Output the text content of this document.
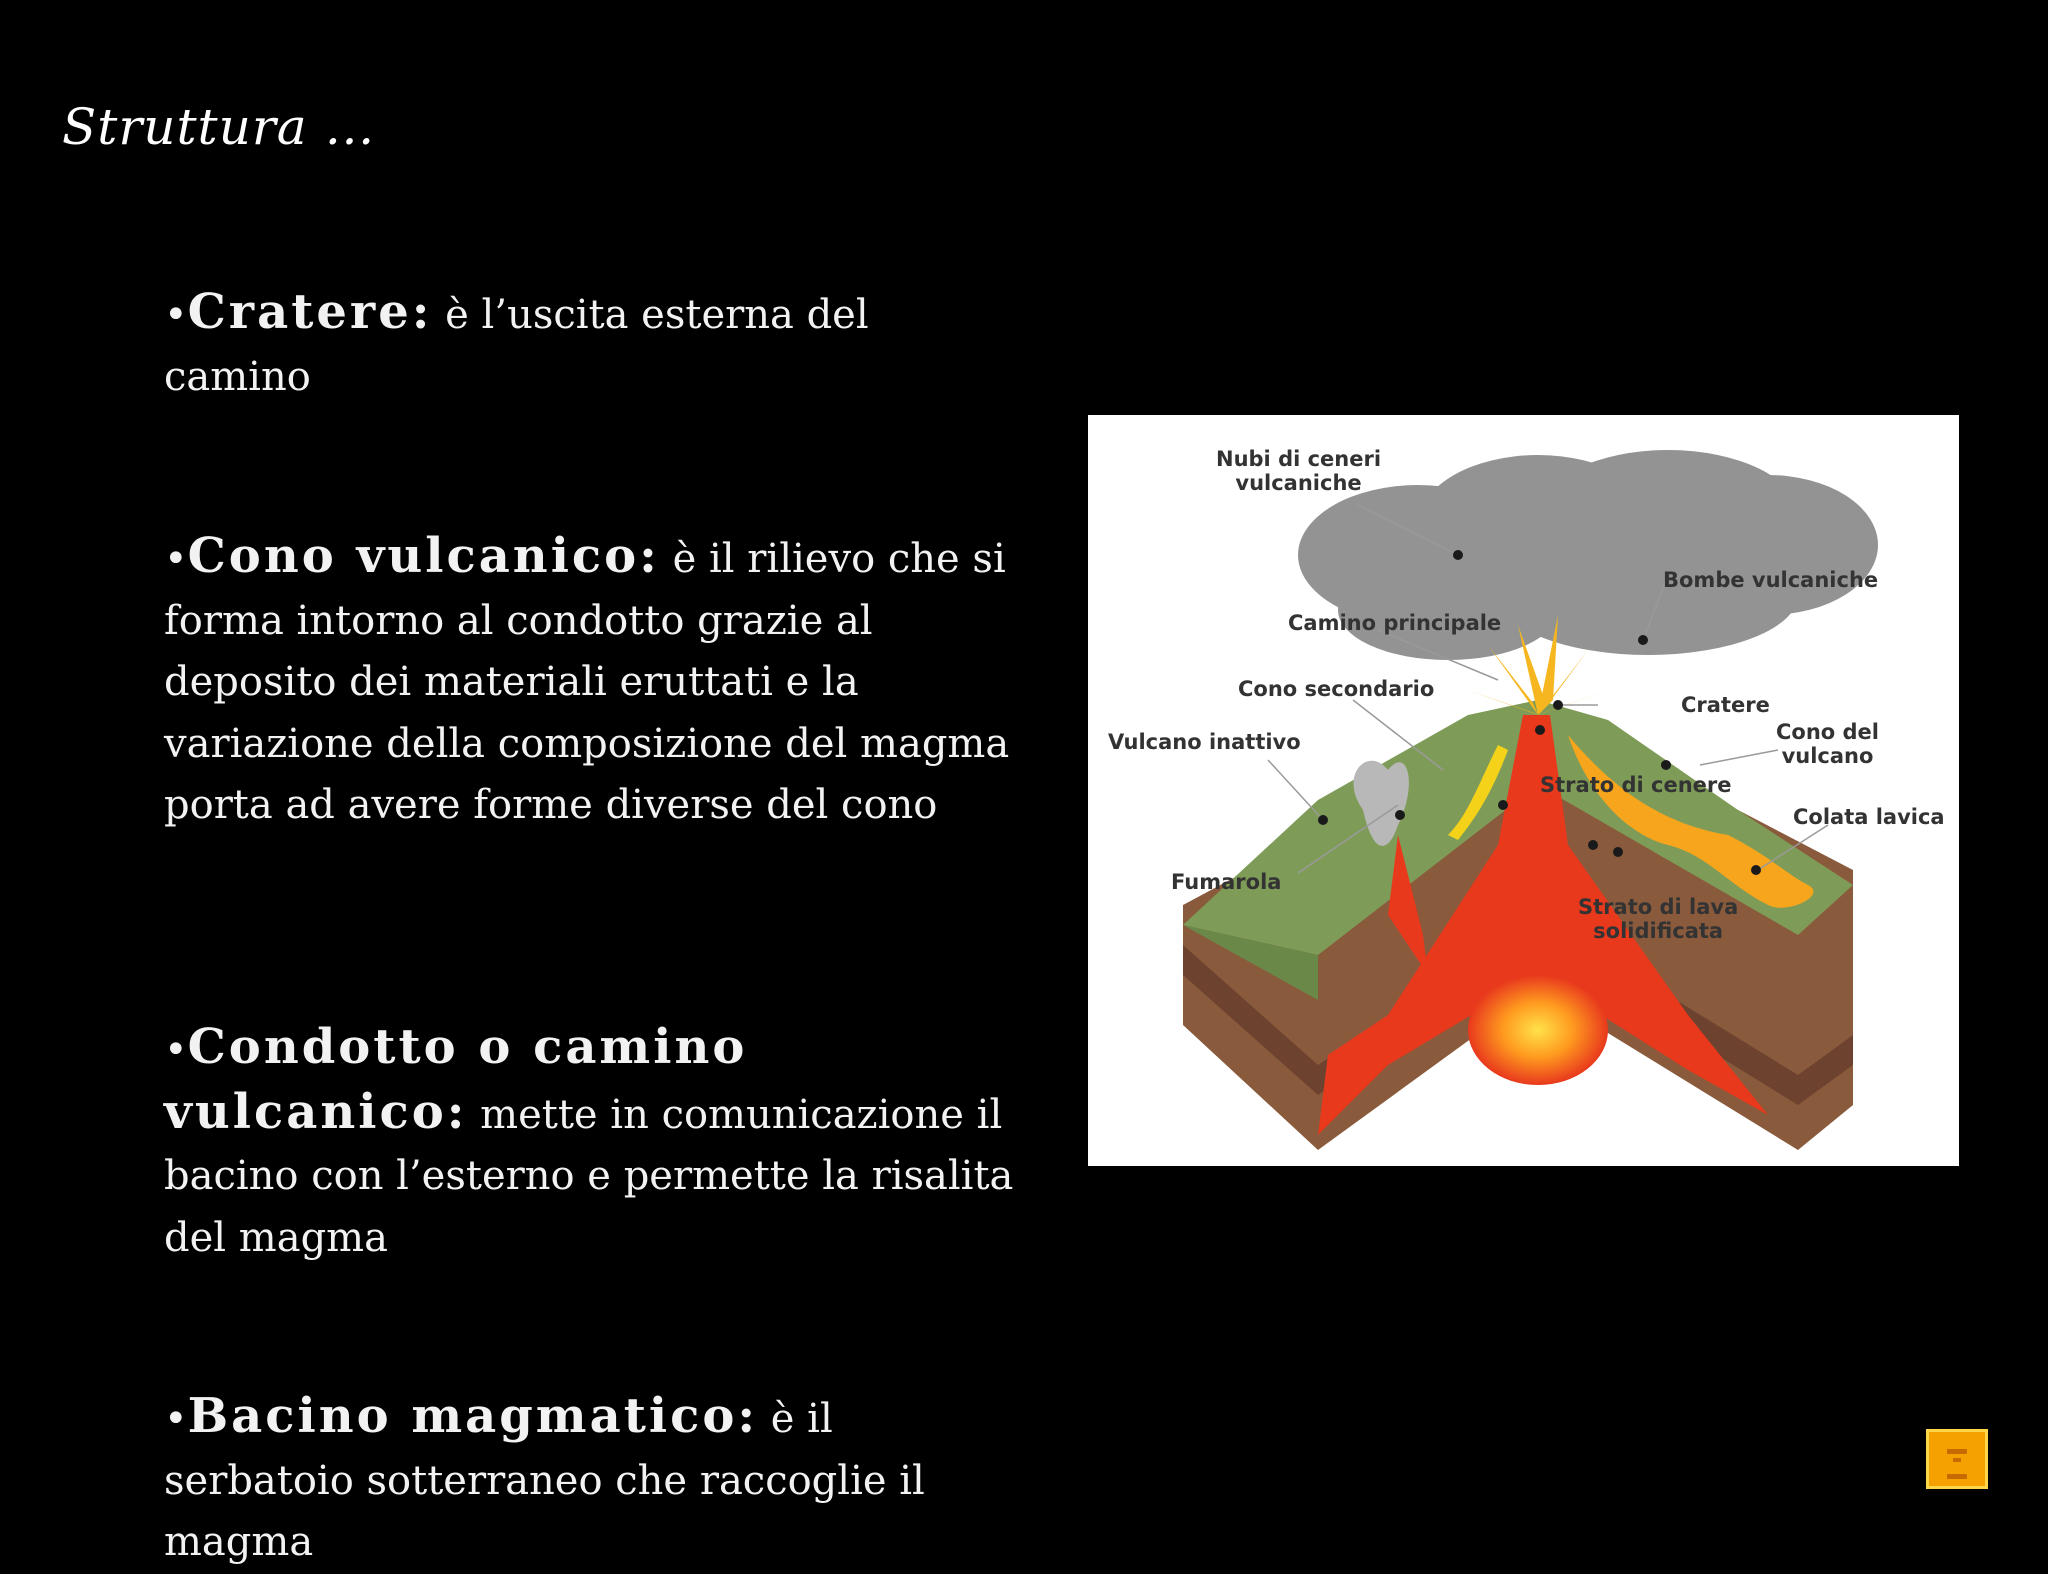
Struttura …
•Cratere: è l’uscita esterna del camino
•Cono vulcanico: è il rilievo che si forma intorno al condotto grazie al deposito dei materiali eruttati e la variazione della composizione del magma porta ad avere forme diverse del cono
•Condotto o camino vulcanico: mette in comunicazione il bacino con l’esterno e permette la risalita del magma
•Bacino magmatico: è il serbatoio sotterraneo che raccoglie il magma
Nubi di ceneri
vulcaniche
Bombe vulcaniche
Camino principale
Cono secondario
Cratere
Vulcano inattivo	Cono del
vulcano
Strato di cenere
Colata lavica
Fumarola
Strato di lava
solidificata
